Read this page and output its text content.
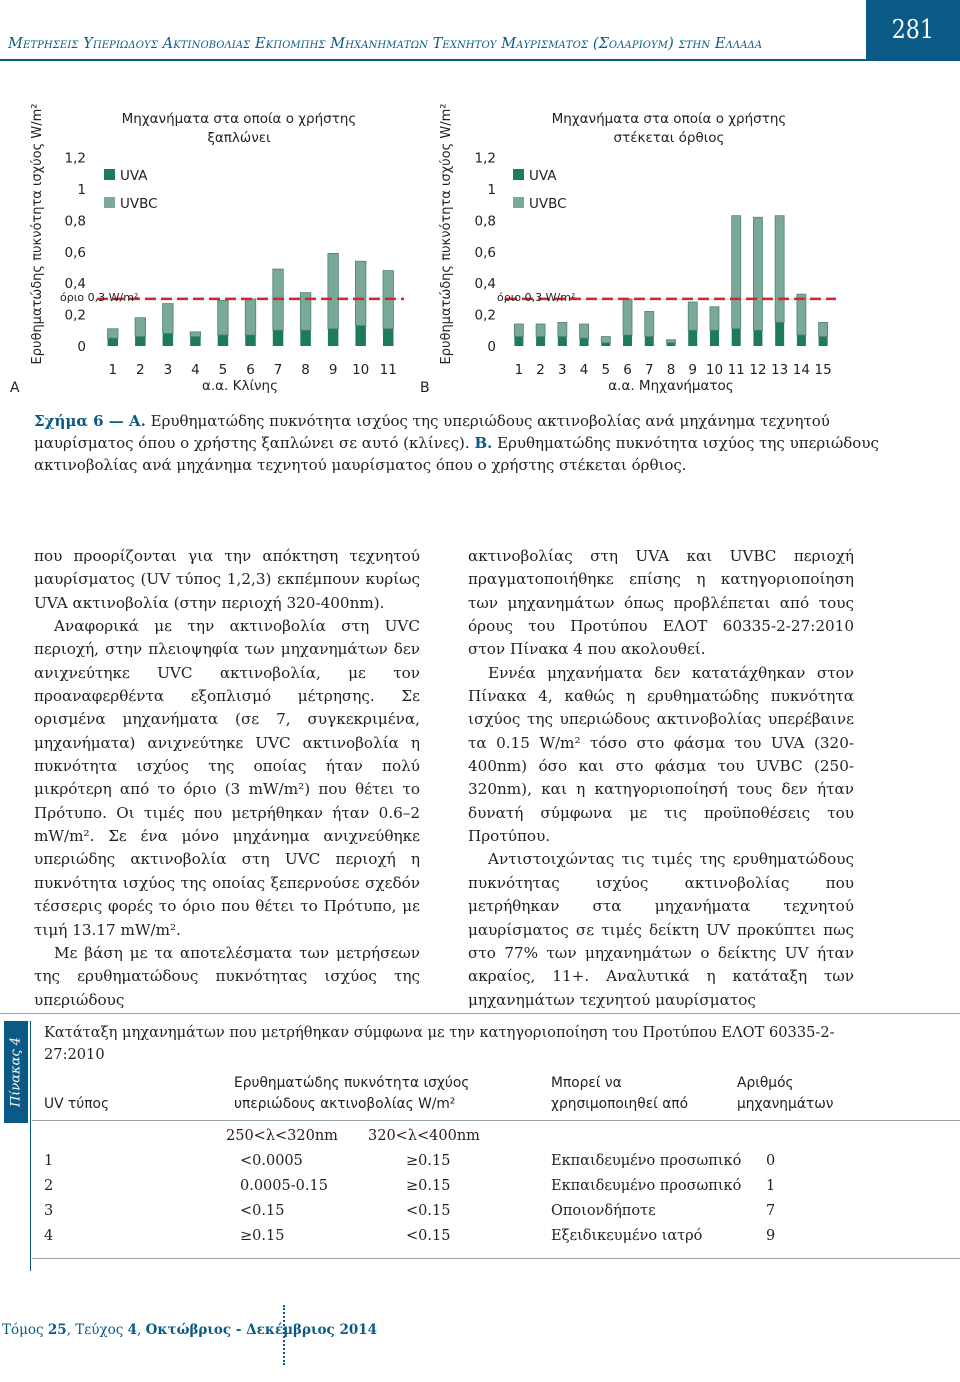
Μετρησεις Υπεριωδους Ακτινοβολιας Εκπομπης Μηχανηματων Τεχνητου Μαυρισματος (Σολαριουμ) στην Ελλαδα	281
Α
Ερυθηματώδης πυκνότητα ισχύος W/m² 1,2
1
0,8
0,6
0,4
0,2
0
Μηχανήματα στα οποία ο χρήστης
ξαπλώνει
UVA
UVBC
1 2 3 4 5 6 7 8 9 10 11
όριο 0,3 W/m²
α.α. Κλίνης	Β
Ερυθηματώδης πυκνότητα ισχύος W/m² 1,2
1
0,8
0,6
0,4
0,2
0
Μηχανήματα στα οποία ο χρήστης
στέκεται όρθιος
UVA
UVBC
1 2 3 4 5 6 7 8 9 10 11 12 13 14 15
όριο 0,3 W/m²
α.α. Μηχανήματος
Σχήμα 6 — Α. Ερυθηματώδης πυκνότητα ισχύος της υπεριώδους ακτινοβολίας ανά μηχάνημα τεχνητού μαυρίσματος όπου ο χρήστης ξαπλώνει σε αυτό (κλίνες). Β. Ερυθηματώδης πυκνότητα ισχύος της υπεριώδους ακτινοβολίας ανά μηχάνημα τεχνητού μαυρίσματος όπου ο χρήστης στέκεται όρθιος.

που προορίζονται για την απόκτηση τεχνητού μαυρίσματος (UV τύπος 1,2,3) εκπέμπουν κυρίως UVA ακτινοβολία (στην περιοχή 320-400nm).

Αναφορικά με την ακτινοβολία στη UVC περιοχή, στην πλειοψηφία των μηχανημάτων δεν ανιχνεύτηκε UVC ακτινοβολία, με τον προαναφερθέντα εξοπλισμό μέτρησης. Σε ορισμένα μηχανήματα (σε 7, συγκεκριμένα, μηχανήματα) ανιχνεύτηκε UVC ακτινοβολία η πυκνότητα ισχύος της οποίας ήταν πολύ μικρότερη από το όριο (3 mW/m²) που θέτει το Πρότυπο. Οι τιμές που μετρήθηκαν ήταν 0.6–2 mW/m². Σε ένα μόνο μηχάνημα ανιχνεύθηκε υπεριώδης ακτινοβολία στη UVC περιοχή η πυκνότητα ισχύος της οποίας ξεπερνούσε σχεδόν τέσσερις φορές το όριο που θέτει το Πρότυπο, με τιμή 13.17 mW/m².

Με βάση με τα αποτελέσματα των μετρήσεων της ερυθηματώδους πυκνότητας ισχύος της υπεριώδους

ακτινοβολίας στη UVA και UVBC περιοχή πραγματοποιήθηκε επίσης η κατηγοριοποίηση των μηχανημάτων όπως προβλέπεται από τους όρους του Προτύπου ΕΛΟΤ 60335-2-27:2010 στον Πίνακα 4 που ακολουθεί.

Εννέα μηχανήματα δεν κατατάχθηκαν στον Πίνακα 4, καθώς η ερυθηματώδης πυκνότητα ισχύος της υπεριώδους ακτινοβολίας υπερέβαινε τα 0.15 W/m² τόσο στο φάσμα του UVA (320-400nm) όσο και στο φάσμα του UVBC (250-320nm), και η κατηγοριοποίησή τους δεν ήταν δυνατή σύμφωνα με τις προϋποθέσεις του Προτύπου.

Αντιστοιχώντας τις τιμές της ερυθηματώδους πυκνότητας ισχύος ακτινοβολίας που μετρήθηκαν στα μηχανήματα τεχνητού μαυρίσματος σε τιμές δείκτη UV προκύπτει πως στο 77% των μηχανημάτων ο δείκτης UV ήταν ακραίος, 11+. Αναλυτικά η κατάταξη των μηχανημάτων τεχνητού μαυρίσματος

Πίνακας 4
Κατάταξη μηχανημάτων που μετρήθηκαν σύμφωνα με την κατηγοριοποίηση του Προτύπου ΕΛΟΤ 60335-2-27:2010
UV τύπος
Ερυθηματώδης πυκνότητα ισχύος
υπεριώδους ακτινοβολίας W/m²
Μπορεί να
χρησιμοποιηθεί από
Αριθμός
μηχανημάτων
250<λ<320nm 320<λ<400nm
1	<0.0005	≥0.15	Εκπαιδευμένο προσωπικό 0
2	0.0005-0.15	≥0.15	Εκπαιδευμένο προσωπικό 1
3	<0.15	<0.15	Οποιονδήποτε	7
4	≥0.15	<0.15	Εξειδικευμένο ιατρό	9
Τόμος 25, Τεύχος 4, Οκτώβριος - Δεκέμβριος 2014
